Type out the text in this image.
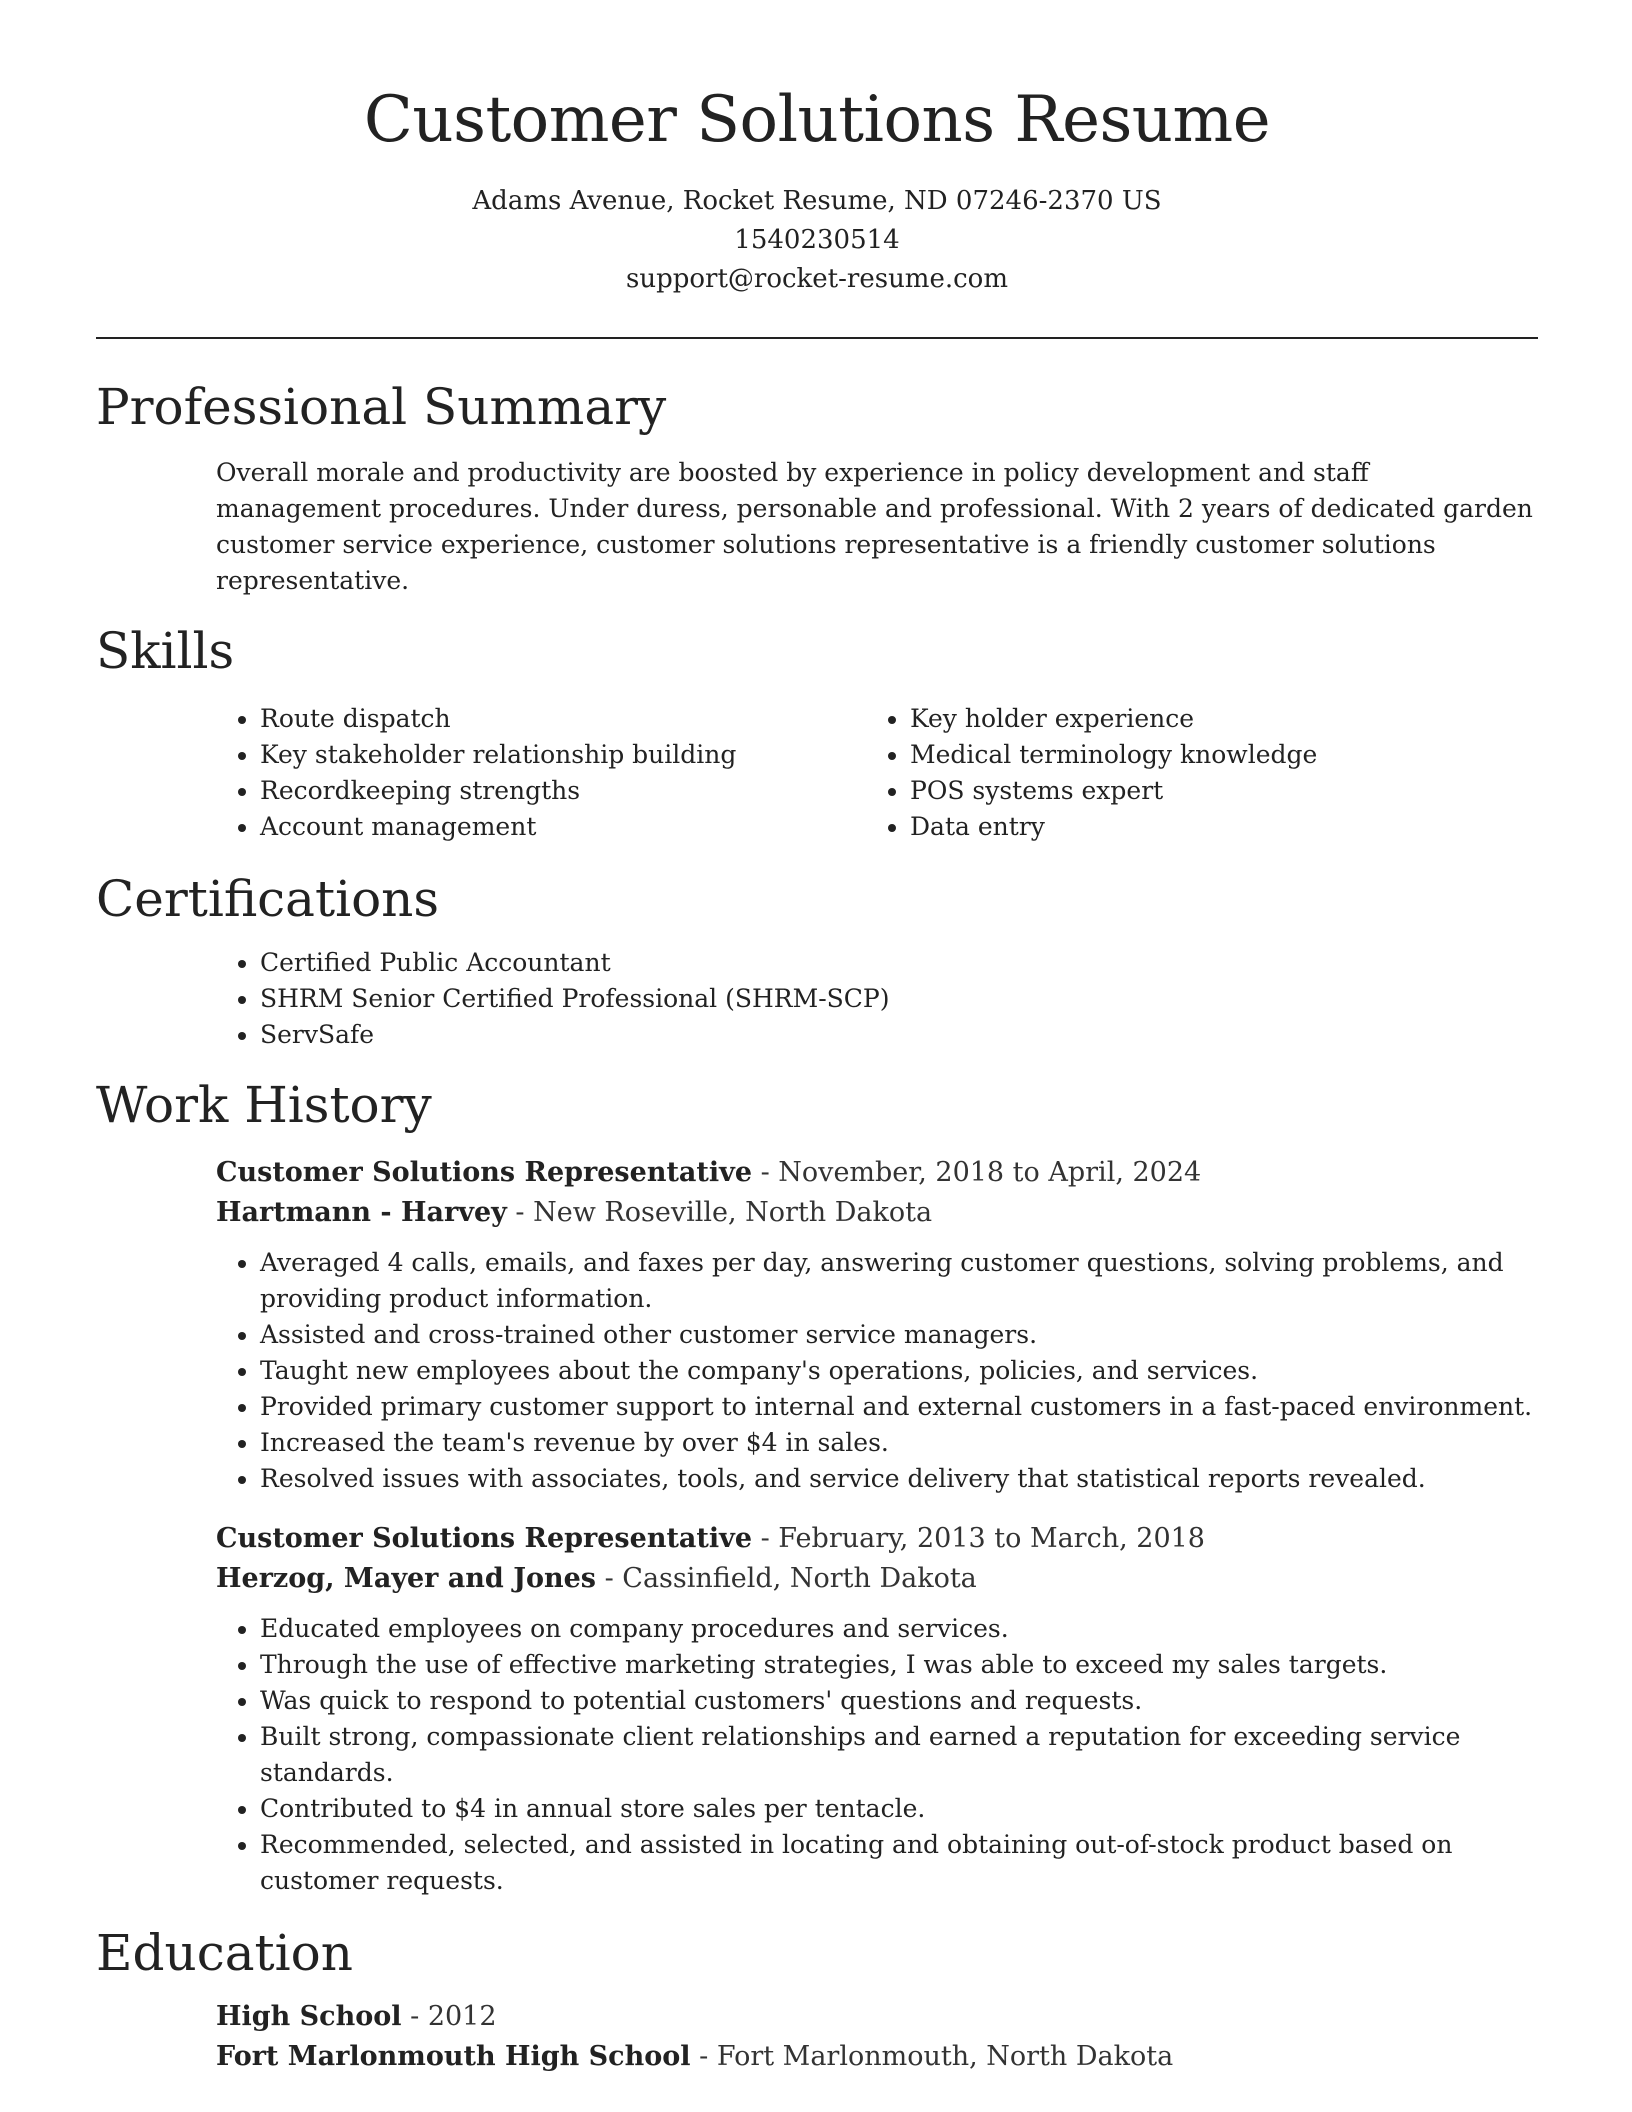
Customer Solutions Resume
Adams Avenue, Rocket Resume, ND 07246-2370 US
1540230514
support@rocket-resume.com
Professional Summary

Overall morale and productivity are boosted by experience in policy development and staff management procedures. Under duress, personable and professional. With 2 years of dedicated garden customer service experience, customer solutions representative is a friendly customer solutions representative.

Skills
• Route dispatch
• Key stakeholder relationship building
• Recordkeeping strengths
• Account management
• Key holder experience
• Medical terminology knowledge
• POS systems expert
• Data entry
Certifications
• Certified Public Accountant
• SHRM Senior Certified Professional (SHRM-SCP)
• ServSafe
Work History
Customer Solutions Representative - November, 2018 to April, 2024
Hartmann - Harvey - New Roseville, North Dakota
• Averaged 4 calls, emails, and faxes per day, answering customer questions, solving problems, and providing product information.
• Assisted and cross-trained other customer service managers.
• Taught new employees about the company's operations, policies, and services.
• Provided primary customer support to internal and external customers in a fast-paced environment.
• Increased the team's revenue by over $4 in sales.
• Resolved issues with associates, tools, and service delivery that statistical reports revealed.
Customer Solutions Representative - February, 2013 to March, 2018
Herzog, Mayer and Jones - Cassinfield, North Dakota
• Educated employees on company procedures and services.
• Through the use of effective marketing strategies, I was able to exceed my sales targets.
• Was quick to respond to potential customers' questions and requests.
• Built strong, compassionate client relationships and earned a reputation for exceeding service standards.
• Contributed to $4 in annual store sales per tentacle.
• Recommended, selected, and assisted in locating and obtaining out-of-stock product based on customer requests.
Education
High School - 2012
Fort Marlonmouth High School - Fort Marlonmouth, North Dakota
